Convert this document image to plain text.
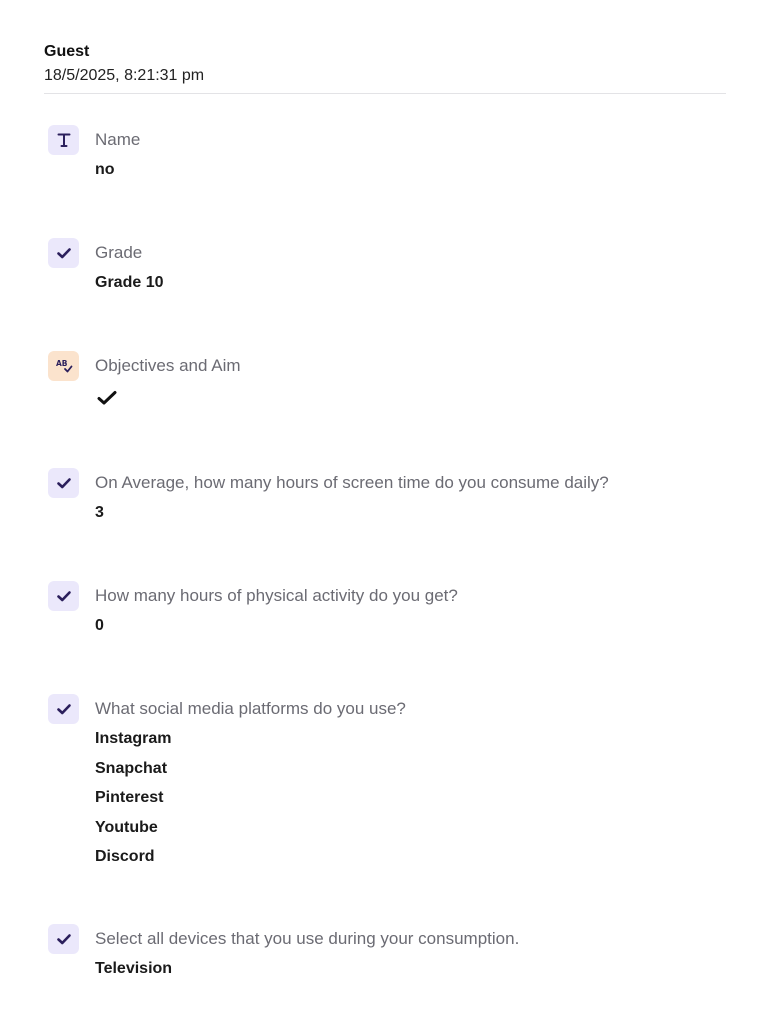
Guest
18/5/2025, 8:21:31 pm
Name
no
Grade
Grade 10
AB Objectives and Aim
On Average, how many hours of screen time do you consume daily?
3
How many hours of physical activity do you get?
0
What social media platforms do you use?
Instagram
Snapchat
Pinterest
Youtube
Discord
Select all devices that you use during your consumption.
Television
